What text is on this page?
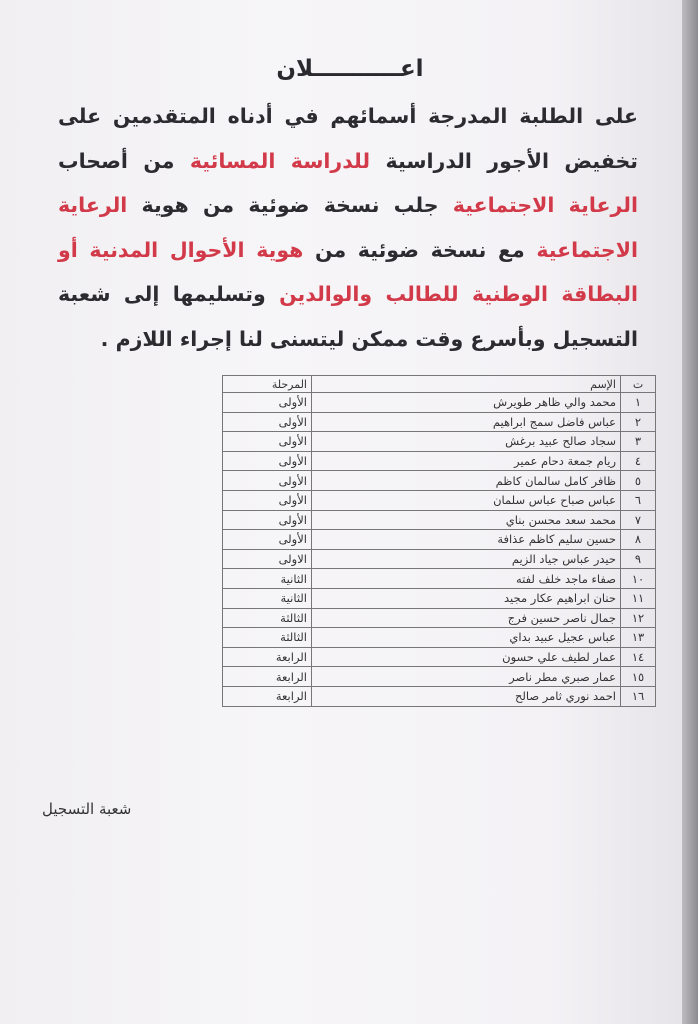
اعـــــــــــلان
على الطلبة المدرجة أسمائهم في أدناه المتقدمين على تخفيض الأجور الدراسية للدراسة المسائية من أصحاب الرعاية الاجتماعية جلب نسخة ضوئية من هوية الرعاية الاجتماعية مع نسخة ضوئية من هوية الأحوال المدنية أو البطاقة الوطنية للطالب والوالدين وتسليمها إلى شعبة التسجيل وبأسرع وقت ممكن ليتسنى لنا إجراء اللازم .
ت	الإسم	المرحلة
١	محمد والي ظاهر طويرش	الأولى
٢	عباس فاضل سمج ابراهيم	الأولى
٣	سجاد صالح عبيد برغش	الأولى
٤	ريام جمعة دحام عمير	الأولى
٥	ظافر كامل سالمان كاظم	الأولى
٦	عباس صباح عباس سلمان	الأولى
٧	محمد سعد محسن بناي	الأولى
٨	حسين سليم كاظم عذافة	الأولى
٩	حيدر عباس جياد الزيم	الاولى
١٠	صفاء ماجد خلف لفته	الثانية
١١	حنان ابراهيم عكار مجيد	الثانية
١٢	جمال ناصر حسين فرج	الثالثة
١٣	عباس عجيل عبيد بداي	الثالثة
١٤	عمار لطيف علي حسون	الرابعة
١٥	عمار صبري مطر ناصر	الرابعة
١٦	احمد نوري ثامر صالح	الرابعة
شعبة التسجيل
